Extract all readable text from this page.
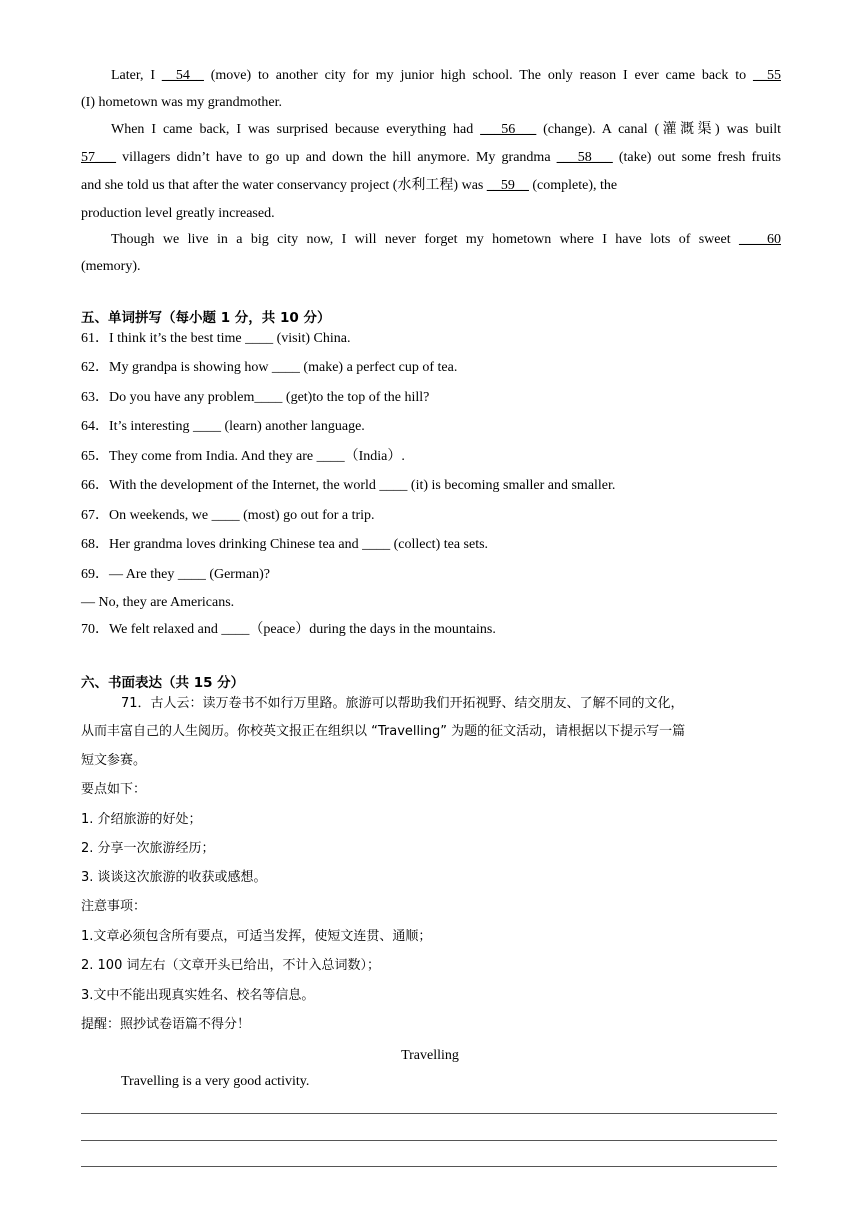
Later, I __54__ (move) to another city for my junior high school. The only reason I ever came back to __55
(I) hometown was my grandmother.
When I came back, I was surprised because everything had ___56___ (change). A canal (灌溉渠) was built
57___ villagers didn’t have to go up and down the hill anymore. My grandma ___58___ (take) out some fresh fruits
and she told us that after the water conservancy project (水利工程) was __59__ (complete), the
production level greatly increased.
Though we live in a big city now, I will never forget my hometown where I have lots of sweet ____60
(memory).
五、单词拼写（每小题 1 分，共 10 分）
61．I think it’s the best time ____ (visit) China.
62．My grandpa is showing how ____ (make) a perfect cup of tea.
63．Do you have any problem____ (get)to the top of the hill?
64．It’s interesting ____ (learn) another language.
65．They come from India. And they are ____（India）.
66．With the development of the Internet, the world ____ (it) is becoming smaller and smaller.
67．On weekends, we ____ (most) go out for a trip.
68．Her grandma loves drinking Chinese tea and ____ (collect) tea sets.
69．— Are they ____ (German)?
— No, they are Americans.
70．We felt relaxed and ____（peace）during the days in the mountains.
六、书面表达（共 15 分）
71．古人云：读万卷书不如行万里路。旅游可以帮助我们开拓视野、结交朋友、了解不同的文化，
从而丰富自己的人生阅历。你校英文报正在组织以 “Travelling” 为题的征文活动，请根据以下提示写一篇
短文参赛。
要点如下：
1. 介绍旅游的好处；
2. 分享一次旅游经历；
3. 谈谈这次旅游的收获或感想。
注意事项：
1.文章必须包含所有要点，可适当发挥，使短文连贯、通顺；
2. 100 词左右（文章开头已给出，不计入总词数）；
3.文中不能出现真实姓名、校名等信息。
提醒：照抄试卷语篇不得分！
Travelling
Travelling is a very good activity.
